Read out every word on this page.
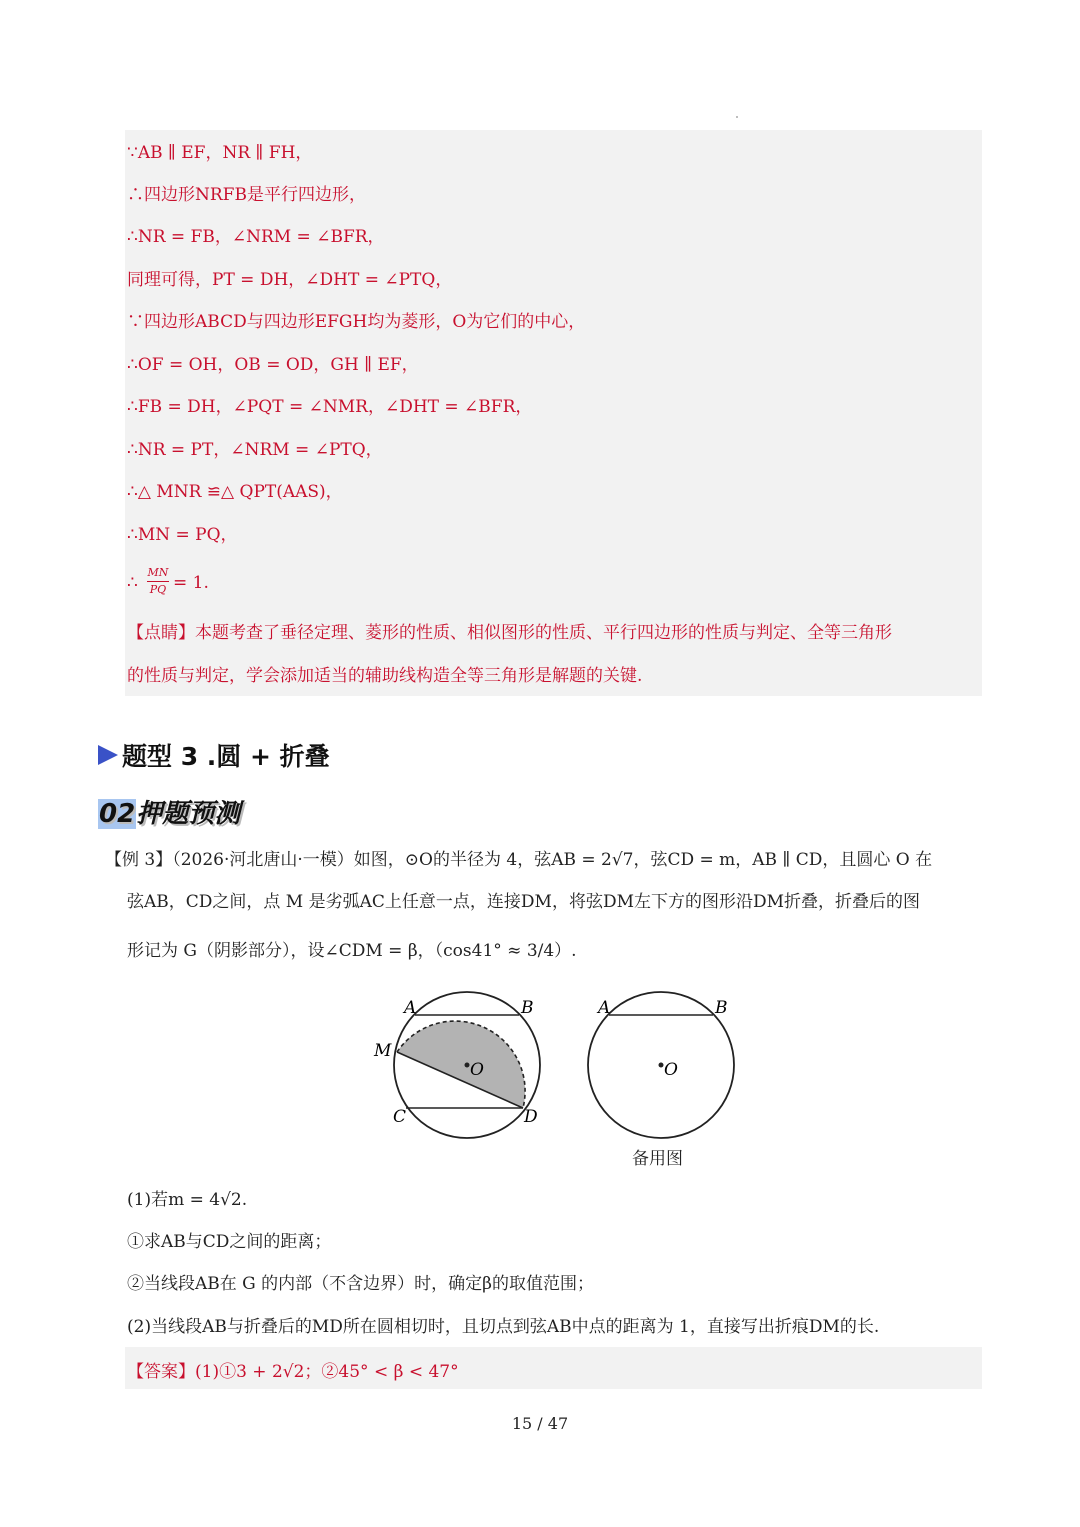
∵AB ∥ EF，NR ∥ FH，
∴四边形NRFB是平行四边形，
∴NR = FB，∠NRM = ∠BFR，
同理可得，PT = DH，∠DHT = ∠PTQ，
∵四边形ABCD与四边形EFGH均为菱形，O为它们的中心，
∴OF = OH，OB = OD，GH ∥ EF，
∴FB = DH，∠PQT = ∠NMR，∠DHT = ∠BFR，
∴NR = PT，∠NRM = ∠PTQ，
∴△ MNR ≌△ QPT(AAS)，
∴MN = PQ，
∴
MN
PQ = 1.
【点睛】本题考查了垂径定理、菱形的性质、相似图形的性质、平行四边形的性质与判定、全等三角形
的性质与判定，学会添加适当的辅助线构造全等三角形是解题的关键.
题型 3 .圆 + 折叠
02押题预测
【例 3】（2026·河北唐山·一模）如图，⊙O的半径为 4，弦AB = 2√7，弦CD = m，AB ∥ CD，且圆心 O 在
弦AB，CD之间，点 M 是劣弧AC上任意一点，连接DM，将弦DM左下方的图形沿DM折叠，折叠后的图
形记为 G（阴影部分），设∠CDM = β，（cos41° ≈ 3/4）.
A	B
M
O
C	D
A	B
O
备用图
(1)若m = 4√2.
①求AB与CD之间的距离；
②当线段AB在 G 的内部（不含边界）时，确定β的取值范围；
(2)当线段AB与折叠后的MD所在圆相切时，且切点到弦AB中点的距离为 1，直接写出折痕DM的长.
【答案】(1)①3 + 2√2；②45° < β < 47°
15 / 47
